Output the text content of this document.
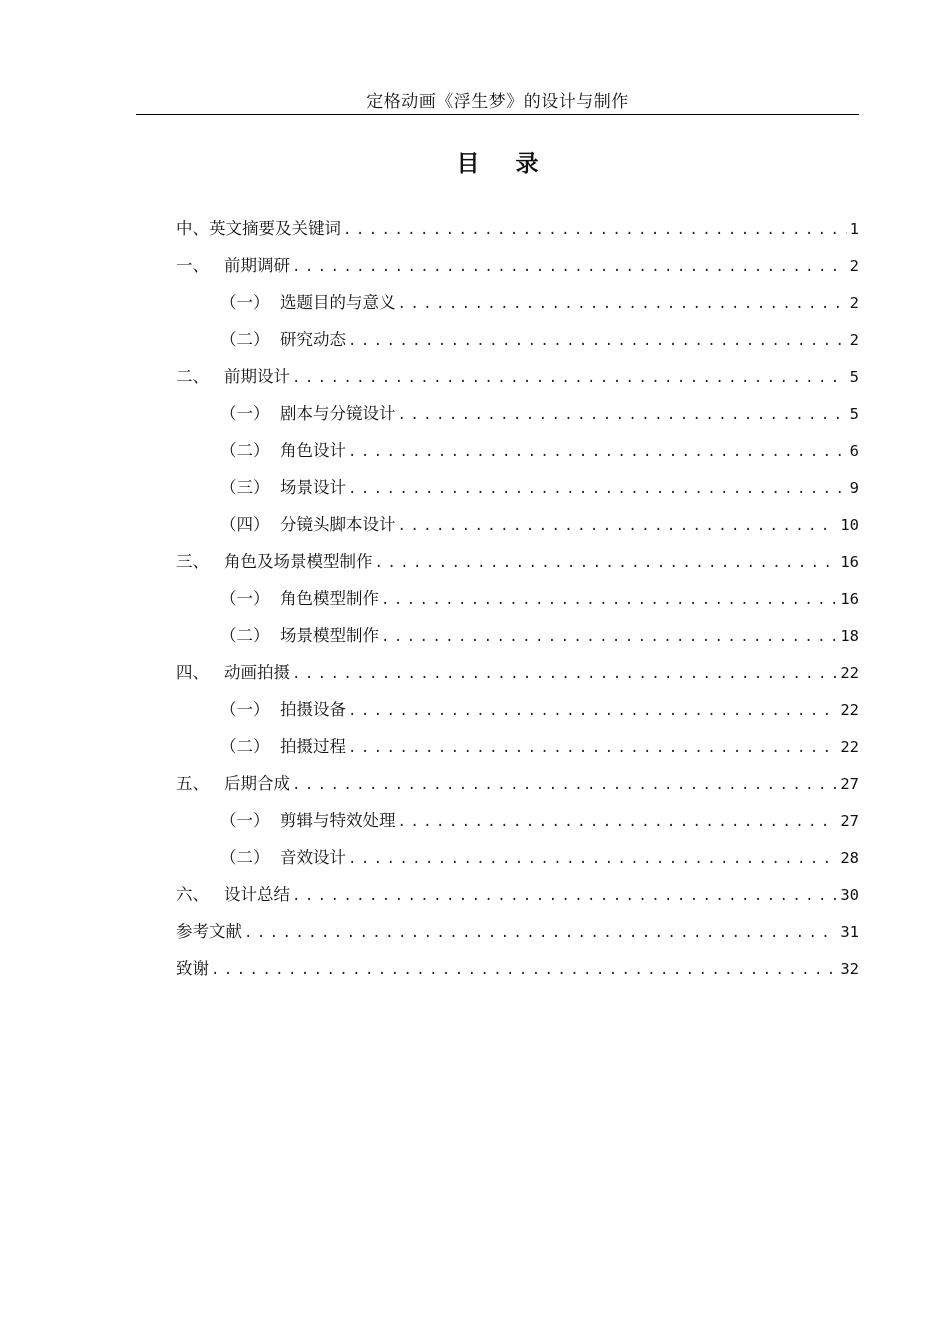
定格动画《浮生梦》的设计与制作
目录
中、英文摘要及关键词 .....	1
一、 前期调研 .....	2
（一） 选题目的与意义 .....	2
（二） 研究动态 .....	2
二、 前期设计 .....	5
（一） 剧本与分镜设计 .....	5
（二） 角色设计 .....	6
（三） 场景设计 .....	9
（四） 分镜头脚本设计 .....	10
三、 角色及场景模型制作 .....	16
（一） 角色模型制作 .....	16
（二） 场景模型制作 .....	18
四、 动画拍摄 .....	22
（一） 拍摄设备 .....	22
（二） 拍摄过程 .....	22
五、 后期合成 .....	27
（一） 剪辑与特效处理 .....	27
（二） 音效设计 .....	28
六、 设计总结 .....	30
参考文献 .....	31
致谢 .....	32
